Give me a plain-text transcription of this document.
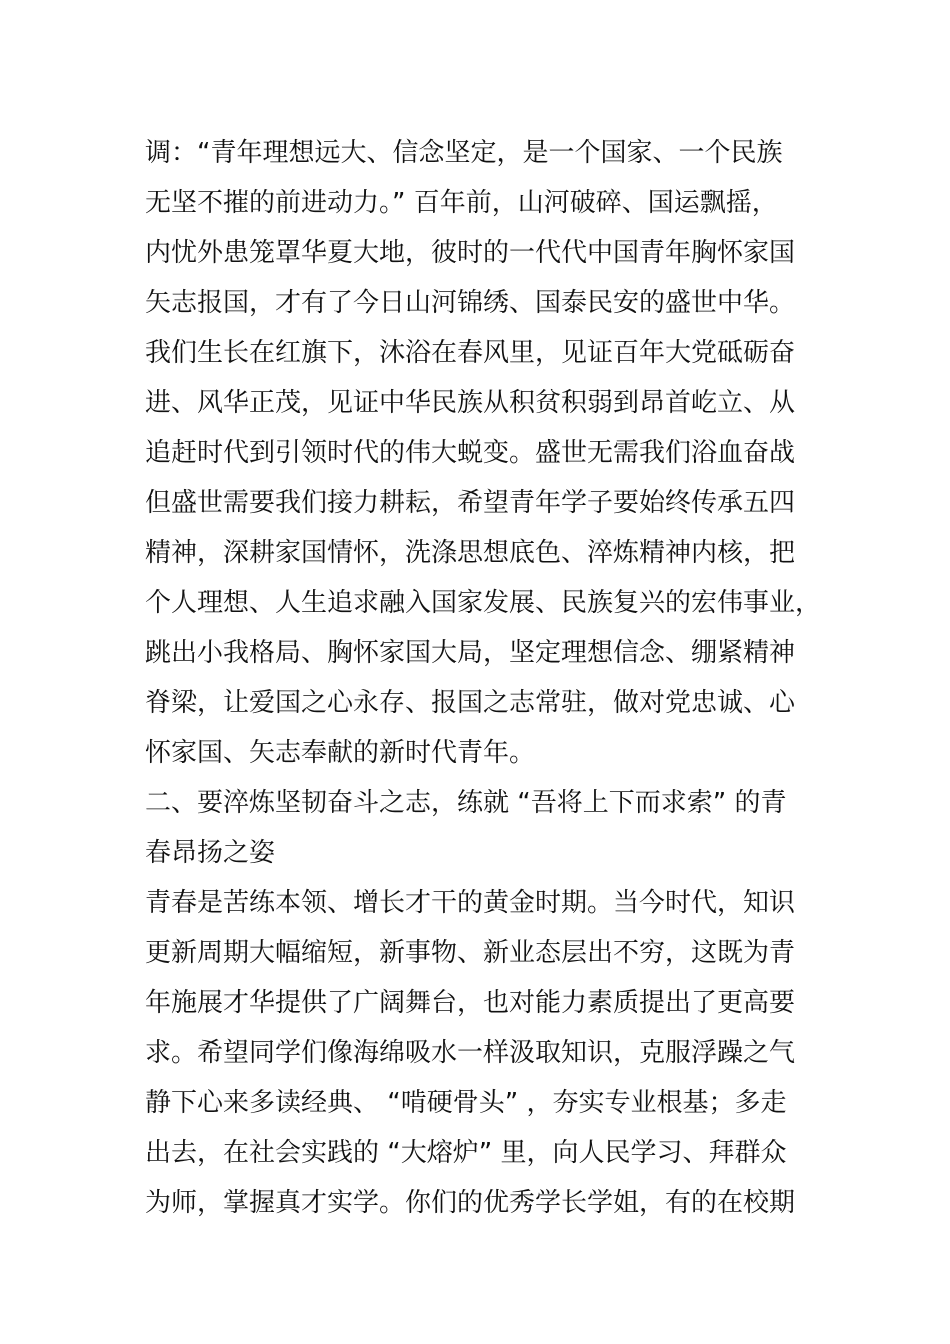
调：“青年理想远大、信念坚定，是一个国家、一个民族
无坚不摧的前进动力。” 百年前，山河破碎、国运飘摇，
内忧外患笼罩华夏大地，彼时的一代代中国青年胸怀家国
矢志报国，才有了今日山河锦绣、国泰民安的盛世中华。
我们生长在红旗下，沐浴在春风里，见证百年大党砥砺奋
进、风华正茂，见证中华民族从积贫积弱到昂首屹立、从
追赶时代到引领时代的伟大蜕变。盛世无需我们浴血奋战
但盛世需要我们接力耕耘，希望青年学子要始终传承五四
精神，深耕家国情怀，洗涤思想底色、淬炼精神内核，把
个人理想、人生追求融入国家发展、民族复兴的宏伟事业，
跳出小我格局、胸怀家国大局，坚定理想信念、绷紧精神
脊梁，让爱国之心永存、报国之志常驻，做对党忠诚、心
怀家国、矢志奉献的新时代青年。
二、要淬炼坚韧奋斗之志，练就 “吾将上下而求索” 的青
春昂扬之姿
青春是苦练本领、增长才干的黄金时期。当今时代，知识
更新周期大幅缩短，新事物、新业态层出不穷，这既为青
年施展才华提供了广阔舞台，也对能力素质提出了更高要
求。希望同学们像海绵吸水一样汲取知识，克服浮躁之气
静下心来多读经典、 “啃硬骨头” ，夯实专业根基；多走
出去，在社会实践的 “大熔炉” 里，向人民学习、拜群众
为师，掌握真才实学。你们的优秀学长学姐，有的在校期
